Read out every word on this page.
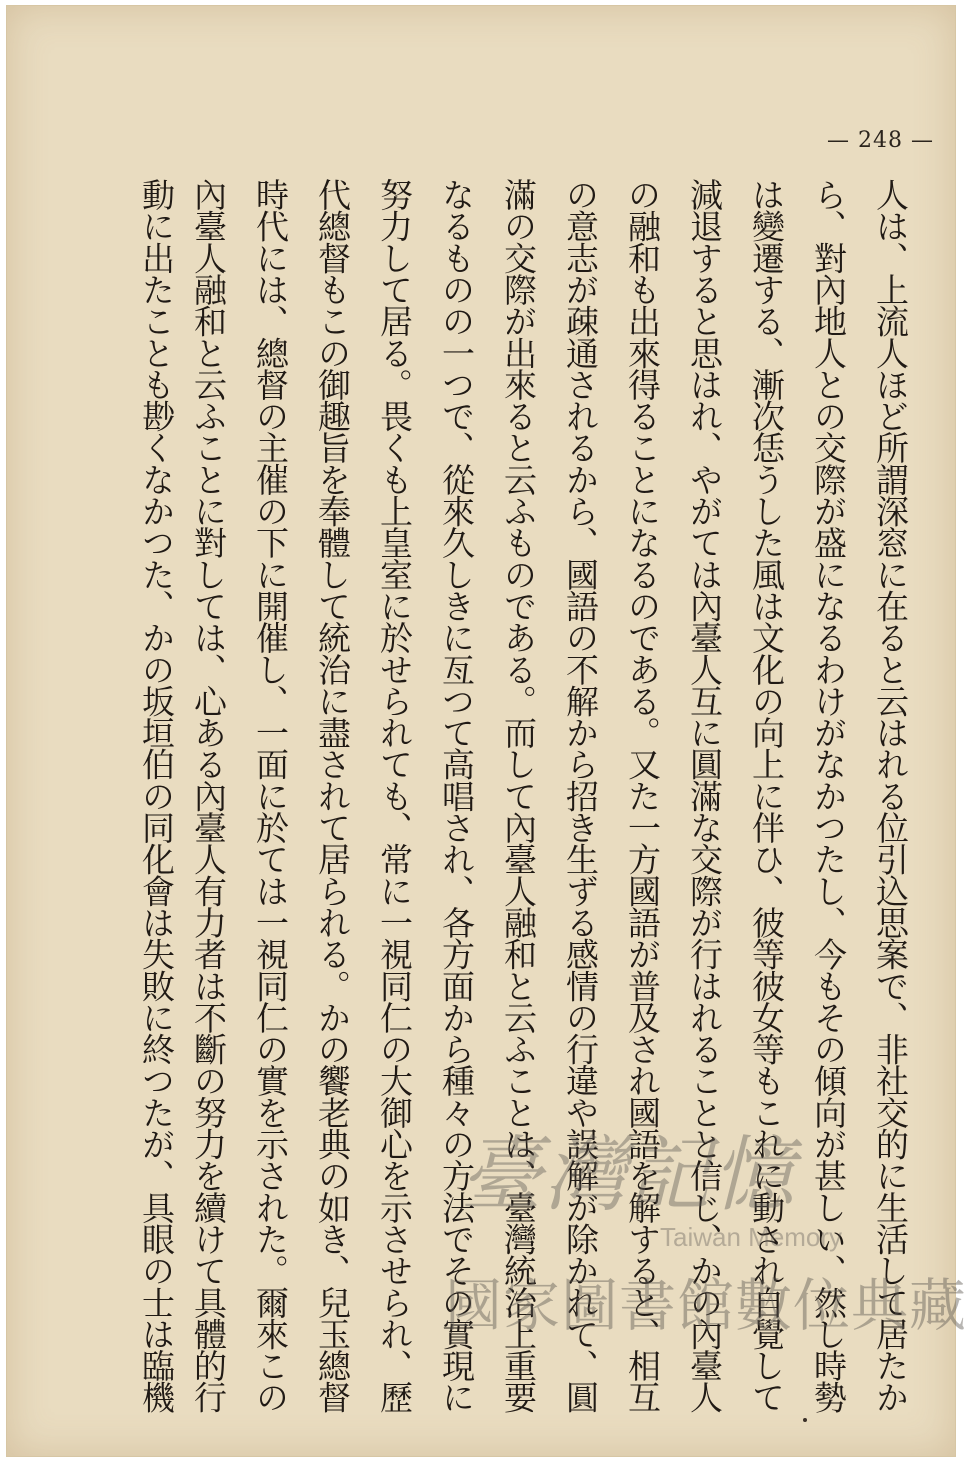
— 248 —
人は、上流人ほど所謂深窓に在ると云はれる位引込思案で、非社交的に生活して居たか
ら、對內地人との交際が盛になるわけがなかつたし、今もその傾向が甚しい、然し時勢
は變遷する、漸次恁うした風は文化の向上に伴ひ、彼等彼女等もこれに動され自覺して
減退すると思はれ、やがては內臺人互に圓滿な交際が行はれることと信じ、かの內臺人
の融和も出來得ることになるのである。又た一方國語が普及され國語を解すると、相互
の意志が疎通されるから、國語の不解から招き生ずる感情の行違や誤解が除かれて、圓
滿の交際が出來ると云ふものである。而して內臺人融和と云ふことは、臺灣統治上重要
なるものの一つで、從來久しきに亙つて高唱され、各方面から種々の方法でその實現に
努力して居る。畏くも上皇室に於せられても、常に一視同仁の大御心を示させられ、歷
代總督もこの御趣旨を奉體して統治に盡されて居られる。かの饗老典の如き、兒玉總督
時代には、總督の主催の下に開催し、一面に於ては一視同仁の實を示された。爾來この
內臺人融和と云ふことに對しては、心ある內臺人有力者は不斷の努力を續けて具體的行
動に出たことも尠くなかつた、かの坂垣伯の同化會は失敗に終つたが、具眼の士は臨機	臺灣記憶
Taiwan Memory
國家圖書館數位典藏
